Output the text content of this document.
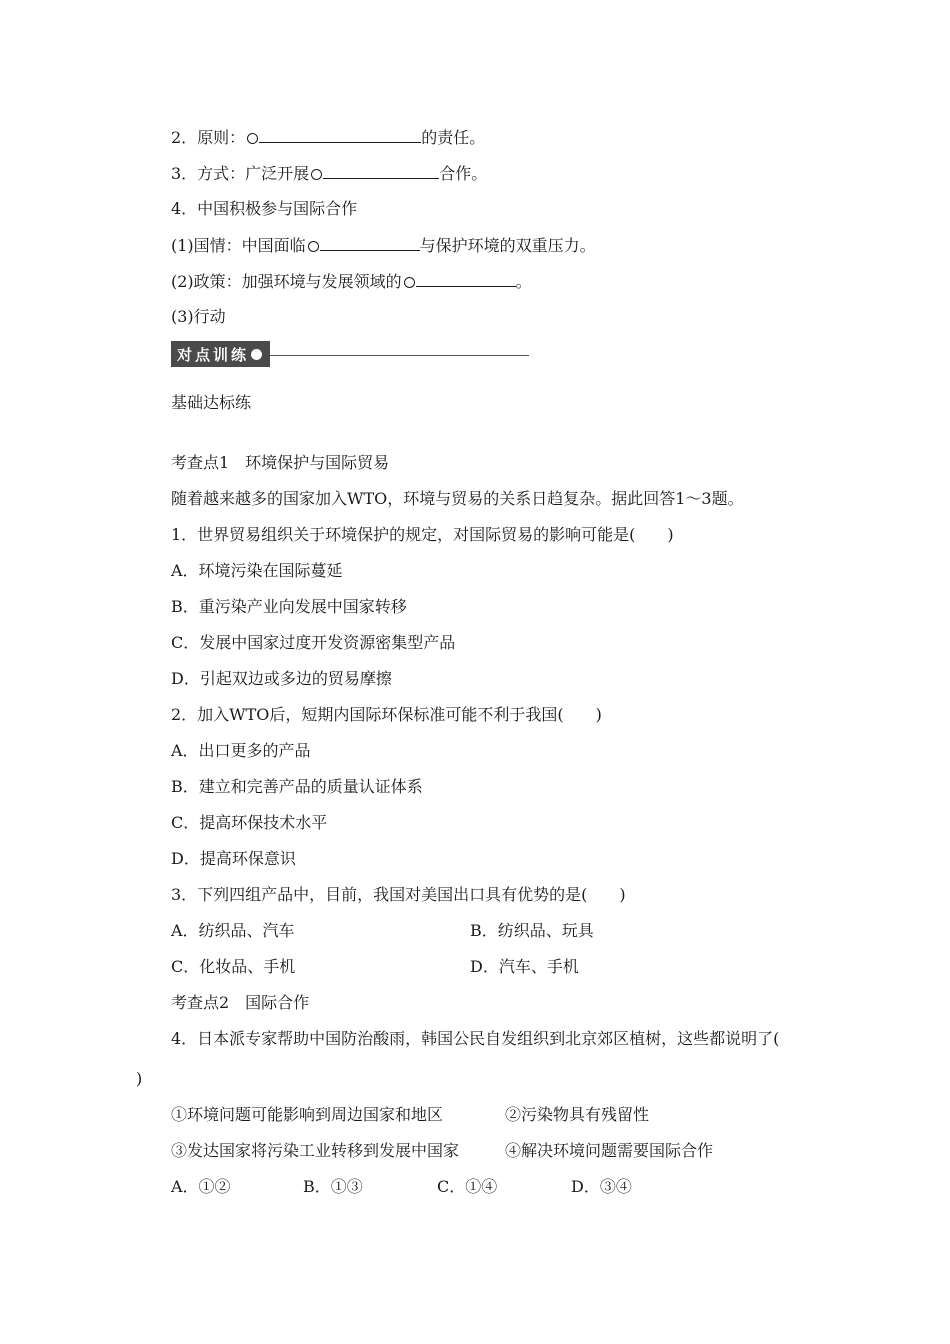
2．原则：	的责任。
3．方式：广泛开展	合作。
4．中国积极参与国际合作
(1)国情：中国面临	与保护环境的双重压力。
(2)政策：加强环境与发展领域的	。
(3)行动
对点训练
基础达标练
考查点1　环境保护与国际贸易
随着越来越多的国家加入WTO，环境与贸易的关系日趋复杂。据此回答1～3题。
1．世界贸易组织关于环境保护的规定，对国际贸易的影响可能是(　　)
A．环境污染在国际蔓延
B．重污染产业向发展中国家转移
C．发展中国家过度开发资源密集型产品
D．引起双边或多边的贸易摩擦
2．加入WTO后，短期内国际环保标准可能不利于我国(　　)
A．出口更多的产品
B．建立和完善产品的质量认证体系
C．提高环保技术水平
D．提高环保意识
3．下列四组产品中，目前，我国对美国出口具有优势的是(　　)
A．纺织品、汽车	B．纺织品、玩具
C．化妆品、手机	D．汽车、手机
考查点2　国际合作
4．日本派专家帮助中国防治酸雨，韩国公民自发组织到北京郊区植树，这些都说明了(
)
①环境问题可能影响到周边国家和地区	②污染物具有残留性
③发达国家将污染工业转移到发展中国家	④解决环境问题需要国际合作
A．①②	B．①③	C．①④	D．③④
